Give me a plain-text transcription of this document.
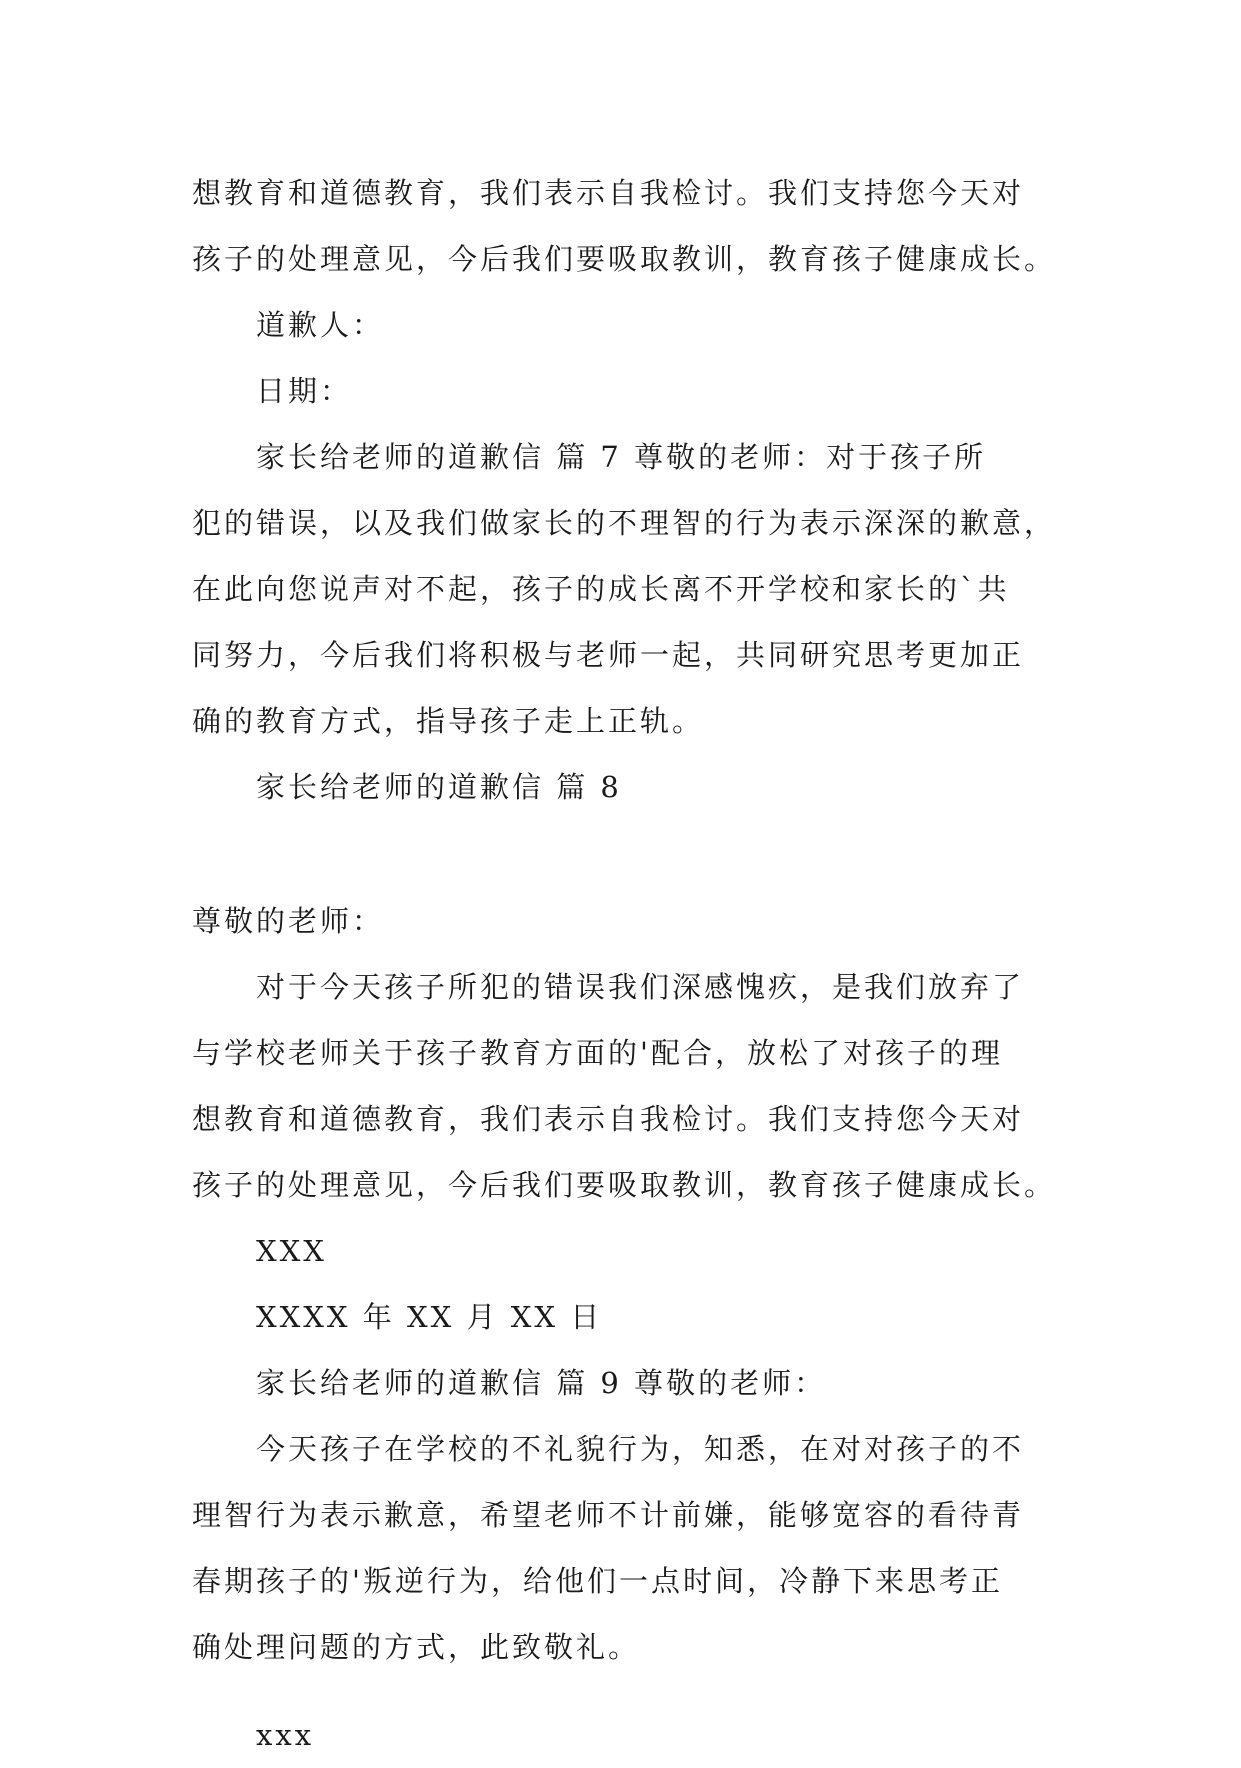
想教育和道德教育，我们表示自我检讨。我们支持您今天对
孩子的处理意见，今后我们要吸取教训，教育孩子健康成长。
道歉人：
日期：
家长给老师的道歉信 篇 7 尊敬的老师：对于孩子所
犯的错误，以及我们做家长的不理智的行为表示深深的歉意，
在此向您说声对不起，孩子的成长离不开学校和家长的`共
同努力，今后我们将积极与老师一起，共同研究思考更加正
确的教育方式，指导孩子走上正轨。
家长给老师的道歉信 篇 8
尊敬的老师：
对于今天孩子所犯的错误我们深感愧疚，是我们放弃了
与学校老师关于孩子教育方面的'配合，放松了对孩子的理
想教育和道德教育，我们表示自我检讨。我们支持您今天对
孩子的处理意见，今后我们要吸取教训，教育孩子健康成长。
XXX
XXXX 年 XX 月 XX 日
家长给老师的道歉信 篇 9 尊敬的老师：
今天孩子在学校的不礼貌行为，知悉，在对对孩子的不
理智行为表示歉意，希望老师不计前嫌，能够宽容的看待青
春期孩子的'叛逆行为，给他们一点时间，冷静下来思考正
确处理问题的方式，此致敬礼。
xxx
